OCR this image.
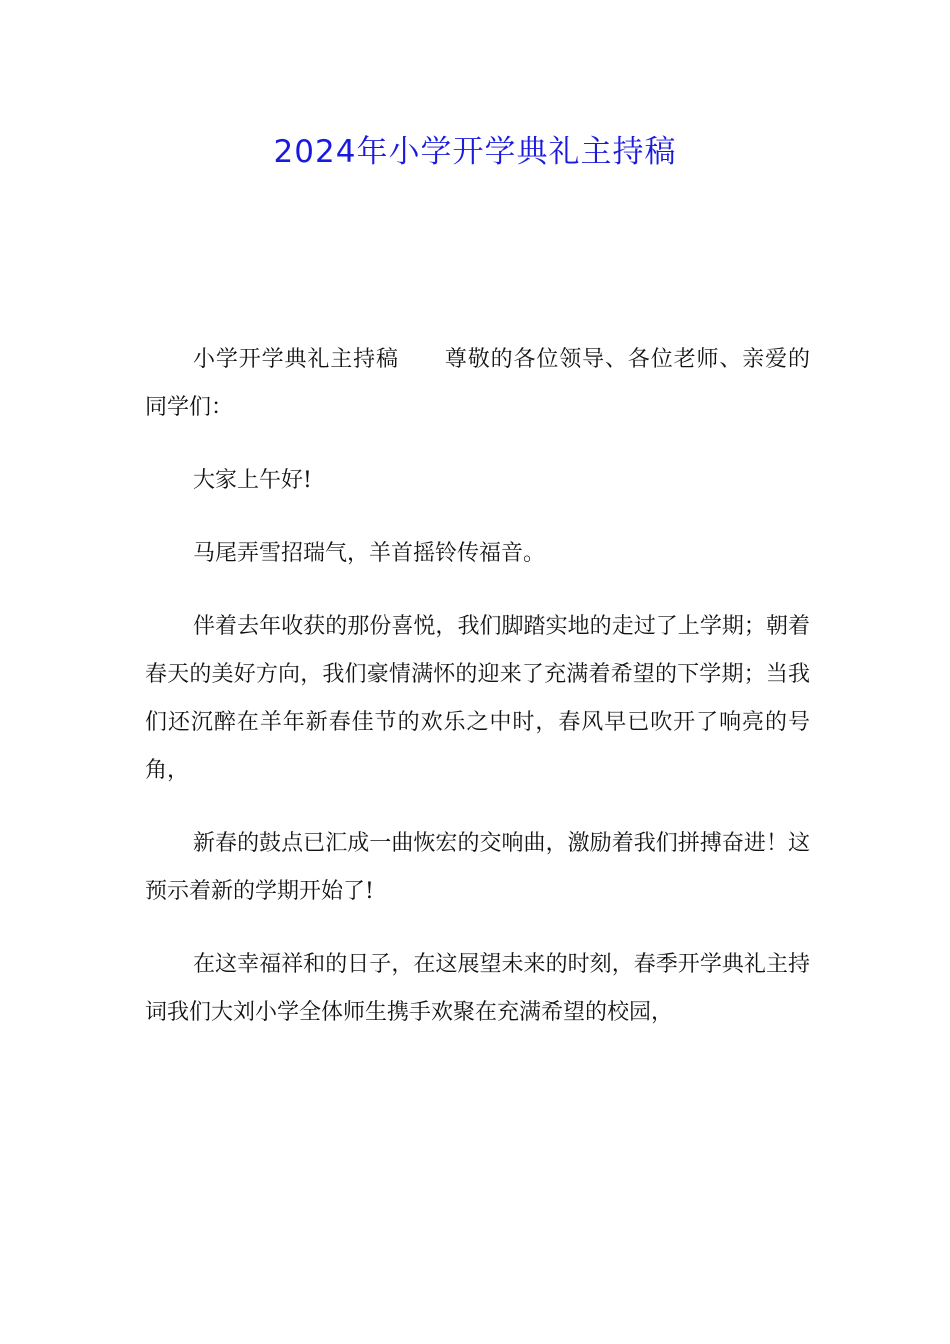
2024年小学开学典礼主持稿

小学开学典礼主持稿 尊敬的各位领导、各位老师、亲爱的同学们：

大家上午好!

马尾弄雪招瑞气，羊首摇铃传福音。

伴着去年收获的那份喜悦，我们脚踏实地的走过了上学期；朝着春天的美好方向，我们豪情满怀的迎来了充满着希望的下学期；当我们还沉醉在羊年新春佳节的欢乐之中时，春风早已吹开了响亮的号角，

新春的鼓点已汇成一曲恢宏的交响曲，激励着我们拼搏奋进！这预示着新的学期开始了!

在这幸福祥和的日子，在这展望未来的时刻，春季开学典礼主持词我们大刘小学全体师生携手欢聚在充满希望的校园，
